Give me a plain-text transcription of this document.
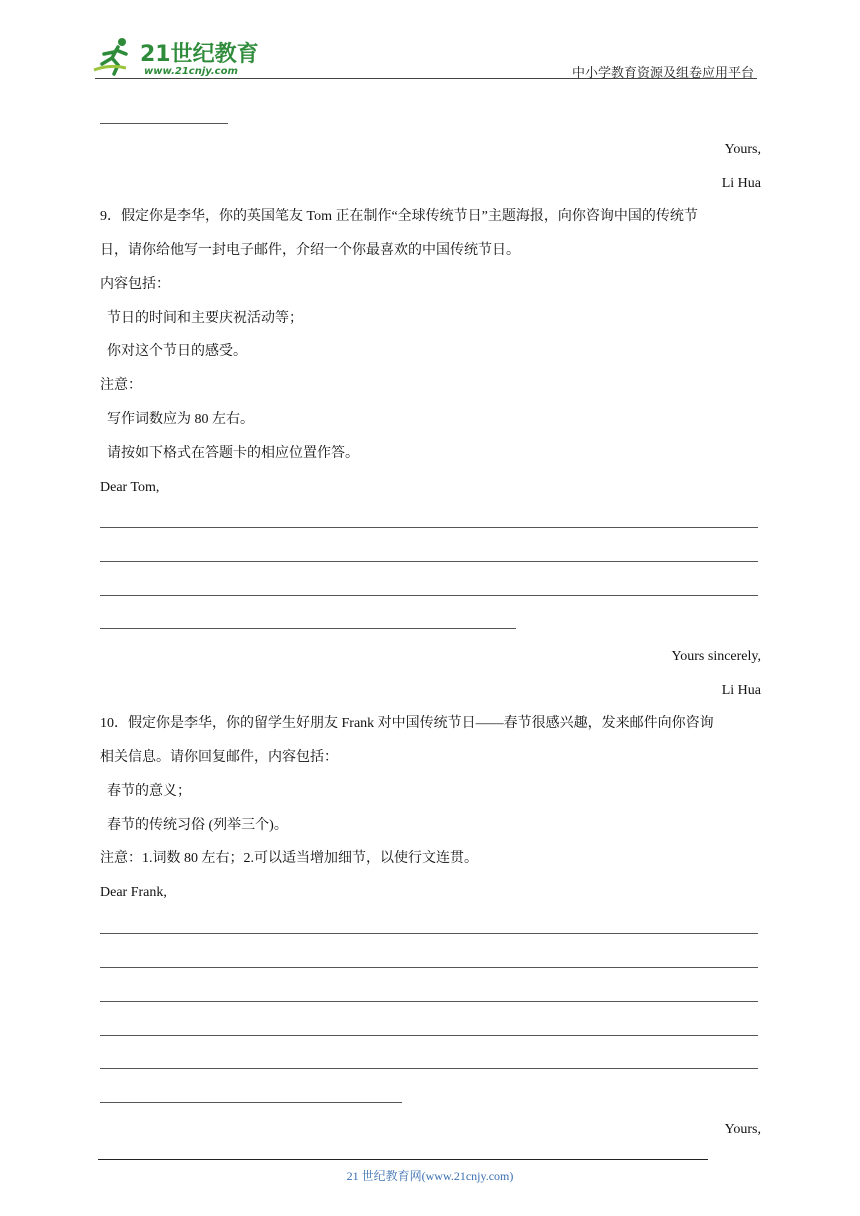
21世纪教育
www.21cnjy.com	中小学教育资源及组卷应用平台
Yours,
Li Hua
9．假定你是李华，你的英国笔友 Tom 正在制作“全球传统节日”主题海报，向你咨询中国的传统节
日，请你给他写一封电子邮件，介绍一个你最喜欢的中国传统节日。
内容包括：
节日的时间和主要庆祝活动等；
你对这个节日的感受。
注意：
写作词数应为 80 左右。
请按如下格式在答题卡的相应位置作答。
Dear Tom,
Yours sincerely,
Li Hua
10．假定你是李华，你的留学生好朋友 Frank 对中国传统节日——春节很感兴趣，发来邮件向你咨询
相关信息。请你回复邮件，内容包括：
春节的意义；
春节的传统习俗 (列举三个)。
注意：1.词数 80 左右；2.可以适当增加细节，以使行文连贯。
Dear Frank,
Yours,
21 世纪教育网(www.21cnjy.com)
